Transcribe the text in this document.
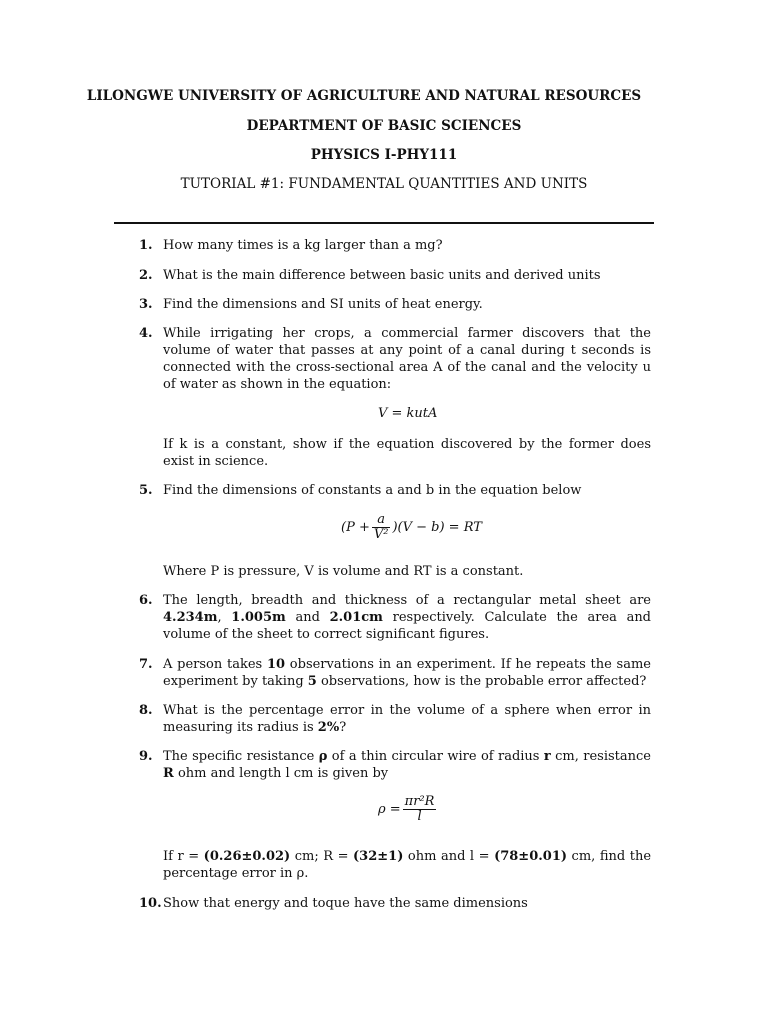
LILONGWE UNIVERSITY OF AGRICULTURE AND NATURAL RESOURCES
DEPARTMENT OF BASIC SCIENCES
PHYSICS I-PHY111
TUTORIAL #1: FUNDAMENTAL QUANTITIES AND UNITS
1. How many times is a kg larger than a mg?

2. What is the main difference between basic units and derived units

3. Find the dimensions and SI units of heat energy.

4. While irrigating her crops, a commercial farmer discovers that the volume of water that passes at any point of a canal during t seconds is connected with the cross-sectional area A of the canal and the velocity u of water as shown in the equation:

V = kutA

If k is a constant, show if the equation discovered by the former does exist in science.

5. Find the dimensions of constants a and b in the equation below

$(P + \frac{a}{\text{V²}} )(V - b)$ = RT

Where P is pressure, V is volume and RT is a constant.

6. The length, breadth and thickness of a rectangular metal sheet are 4.234m, 1.005m and 2.01cm respectively. Calculate the area and volume of the sheet to correct significant figures.

7. A person takes 10 observations in an experiment. If he repeats the same experiment by taking 5 observations, how is the probable error affected?

8. What is the percentage error in the volume of a sphere when error in measuring its radius is 2%?

9. The specific resistance ρ of a thin circular wire of radius r cm, resistance R ohm and length l cm is given by

$\rho = \frac{\text{πr²R}}{l}$

If r = (0.26±0.02) cm; R = (32±1) ohm and l = (78±0.01) cm, find the percentage error in ρ.

10. Show that energy and toque have the same dimensions
